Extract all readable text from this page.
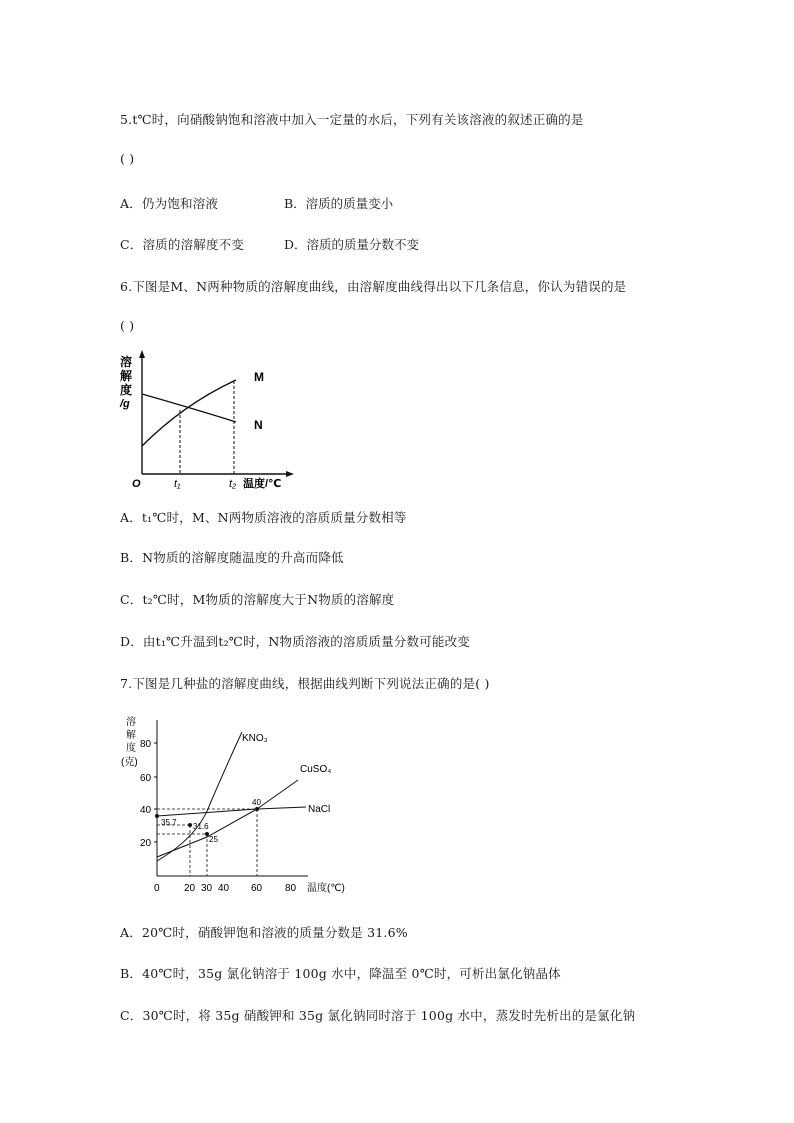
5.t℃时，向硝酸钠饱和溶液中加入一定量的水后，下列有关该溶液的叙述正确的是
( )
A．仍为饱和溶液	B．溶质的质量变小
C．溶质的溶解度不变	D．溶质的质量分数不变
6.下图是M、N两种物质的溶解度曲线，由溶解度曲线得出以下几条信息，你认为错误的是
( )
溶
解
度
/g
O	t₁	t₂ 温度/℃
M
N
A．t₁℃时，M、N两物质溶液的溶质质量分数相等
B．N物质的溶解度随温度的升高而降低
C．t₂℃时，M物质的溶解度大于N物质的溶解度
D．由t₁℃升温到t₂℃时，N物质溶液的溶质质量分数可能改变
7.下图是几种盐的溶解度曲线，根据曲线判断下列说法正确的是( )
溶
解
度
(克)
80
60
40
20
0 20 30 40 60 80 温度(℃)
40
35.7 31.6
25
KNO₃
CuSO₄
NaCl
A．20℃时，硝酸钾饱和溶液的质量分数是 31.6%
B．40℃时，35g 氯化钠溶于 100g 水中，降温至 0℃时，可析出氯化钠晶体
C．30℃时，将 35g 硝酸钾和 35g 氯化钠同时溶于 100g 水中，蒸发时先析出的是氯化钠
